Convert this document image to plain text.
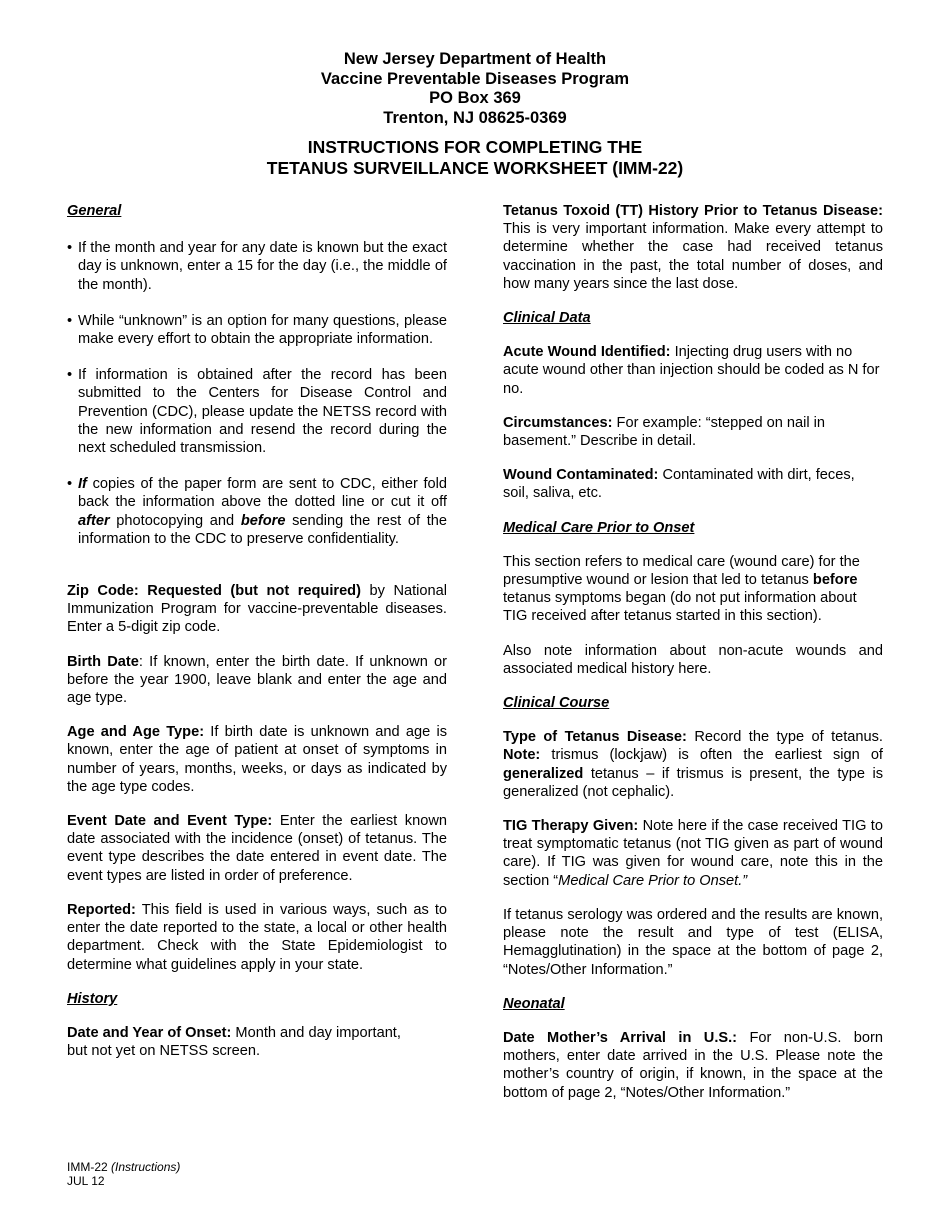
New Jersey Department of Health
Vaccine Preventable Diseases Program
PO Box 369
Trenton, NJ 08625-0369
INSTRUCTIONS FOR COMPLETING THE
TETANUS SURVEILLANCE WORKSHEET (IMM-22)
General
• If the month and year for any date is known but the exact day is unknown, enter a 15 for the day (i.e., the middle of the month).
• While “unknown” is an option for many questions, please make every effort to obtain the appropriate information.
• If information is obtained after the record has been submitted to the Centers for Disease Control and Prevention (CDC), please update the NETSS record with the new information and resend the record during the next scheduled transmission.
• If copies of the paper form are sent to CDC, either fold back the information above the dotted line or cut it off after photocopying and before sending the rest of the information to the CDC to preserve confidentiality.

Zip Code: Requested (but not required) by National Immunization Program for vaccine-preventable diseases. Enter a 5-digit zip code.

Birth Date: If known, enter the birth date. If unknown or before the year 1900, leave blank and enter the age and age type.

Age and Age Type: If birth date is unknown and age is known, enter the age of patient at onset of symptoms in number of years, months, weeks, or days as indicated by the age type codes.

Event Date and Event Type: Enter the earliest known date associated with the incidence (onset) of tetanus. The event type describes the date entered in event date. The event types are listed in order of preference.

Reported: This field is used in various ways, such as to enter the date reported to the state, a local or other health department. Check with the State Epidemiologist to determine what guidelines apply in your state.

History

Date and Year of Onset: Month and day important,
but not yet on NETSS screen.

Tetanus Toxoid (TT) History Prior to Tetanus Disease: This is very important information. Make every attempt to determine whether the case had received tetanus vaccination in the past, the total number of doses, and how many years since the last dose.

Clinical Data

Acute Wound Identified: Injecting drug users with no acute wound other than injection should be coded as N for no.

Circumstances: For example: “stepped on nail in basement.” Describe in detail.

Wound Contaminated: Contaminated with dirt, feces, soil, saliva, etc.

Medical Care Prior to Onset

This section refers to medical care (wound care) for the presumptive wound or lesion that led to tetanus before tetanus symptoms began (do not put information about TIG received after tetanus started in this section).

Also note information about non-acute wounds and associated medical history here.

Clinical Course

Type of Tetanus Disease: Record the type of tetanus. Note: trismus (lockjaw) is often the earliest sign of generalized tetanus – if trismus is present, the type is generalized (not cephalic).

TIG Therapy Given: Note here if the case received TIG to treat symptomatic tetanus (not TIG given as part of wound care). If TIG was given for wound care, note this in the section “Medical Care Prior to Onset.”

If tetanus serology was ordered and the results are known, please note the result and type of test (ELISA, Hemagglutination) in the space at the bottom of page 2, “Notes/Other Information.”

Neonatal

Date Mother’s Arrival in U.S.: For non-U.S. born mothers, enter date arrived in the U.S. Please note the mother’s country of origin, if known, in the space at the bottom of page 2, “Notes/Other Information.”

IMM-22 (Instructions)
JUL 12
